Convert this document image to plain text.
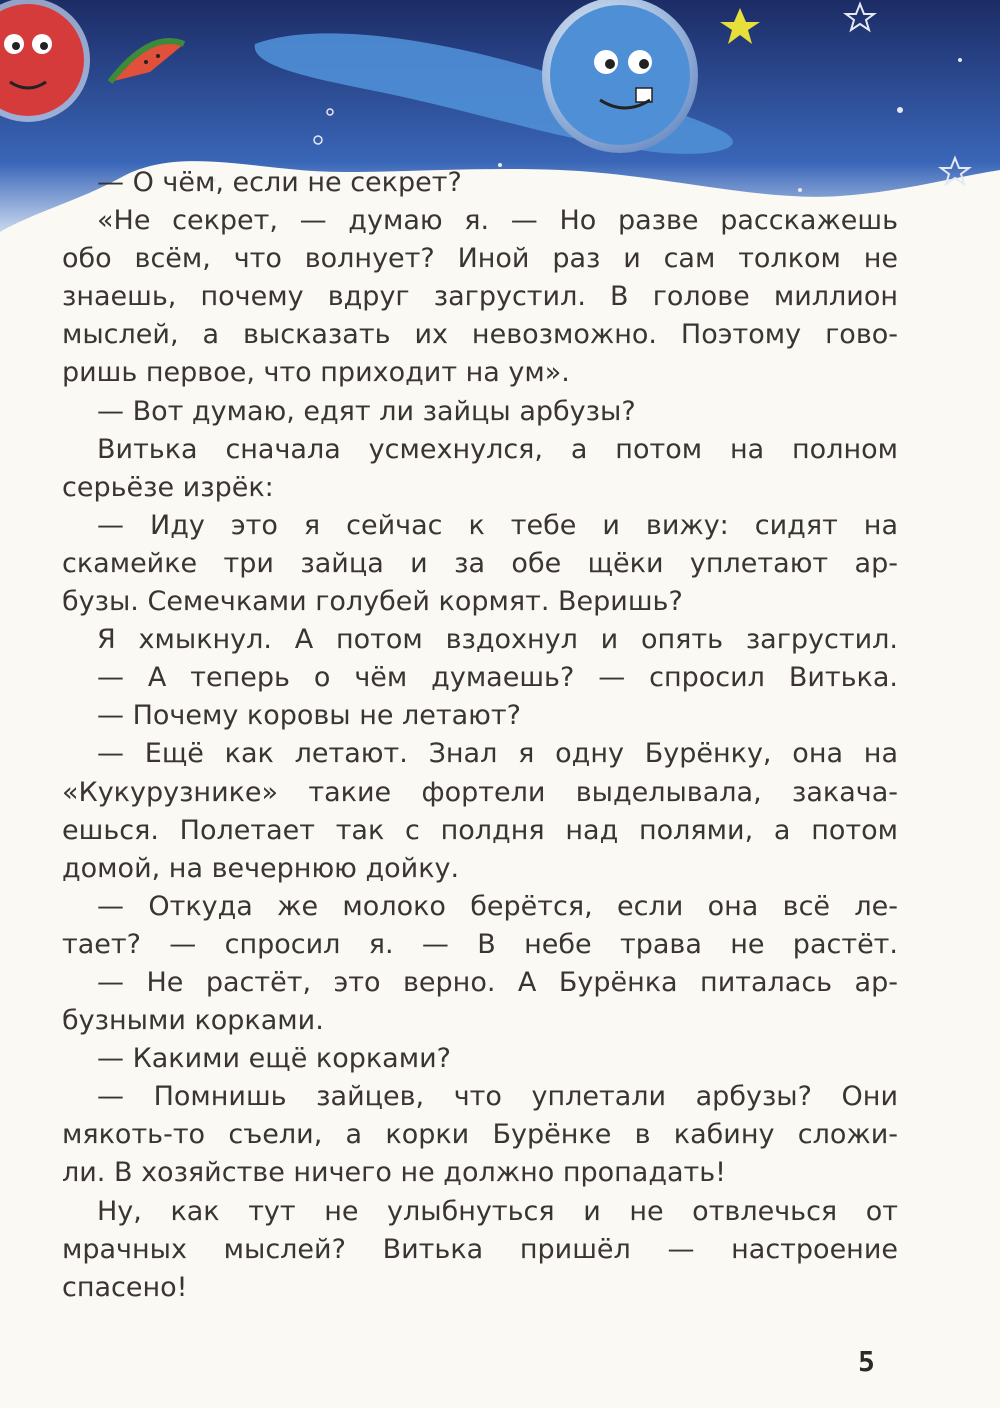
— О чём, если не секрет?
«Не секрет, — думаю я. — Но разве расскажешь
обо всём, что волнует? Иной раз и сам толком не
знаешь, почему вдруг загрустил. В голове миллион
мыслей, а высказать их невозможно. Поэтому гово-
ришь первое, что приходит на ум».
— Вот думаю, едят ли зайцы арбузы?
Витька сначала усмехнулся, а потом на полном
серьёзе изрёк:
— Иду это я сейчас к тебе и вижу: сидят на
скамейке три зайца и за обе щёки уплетают ар-
бузы. Семечками голубей кормят. Веришь?
Я хмыкнул. А потом вздохнул и опять загрустил.
— А теперь о чём думаешь? — спросил Витька.
— Почему коровы не летают?
— Ещё как летают. Знал я одну Бурёнку, она на
«Кукурузнике» такие фортели выделывала, закача-
ешься. Полетает так с полдня над полями, а потом
домой, на вечернюю дойку.
— Откуда же молоко берётся, если она всё ле-
тает? — спросил я. — В небе трава не растёт.
— Не растёт, это верно. А Бурёнка питалась ар-
бузными корками.
— Какими ещё корками?
— Помнишь зайцев, что уплетали арбузы? Они
мякоть-то съели, а корки Бурёнке в кабину сложи-
ли. В хозяйстве ничего не должно пропадать!
Ну, как тут не улыбнуться и не отвлечься от
мрачных мыслей? Витька пришёл — настроение
спасено!
5
